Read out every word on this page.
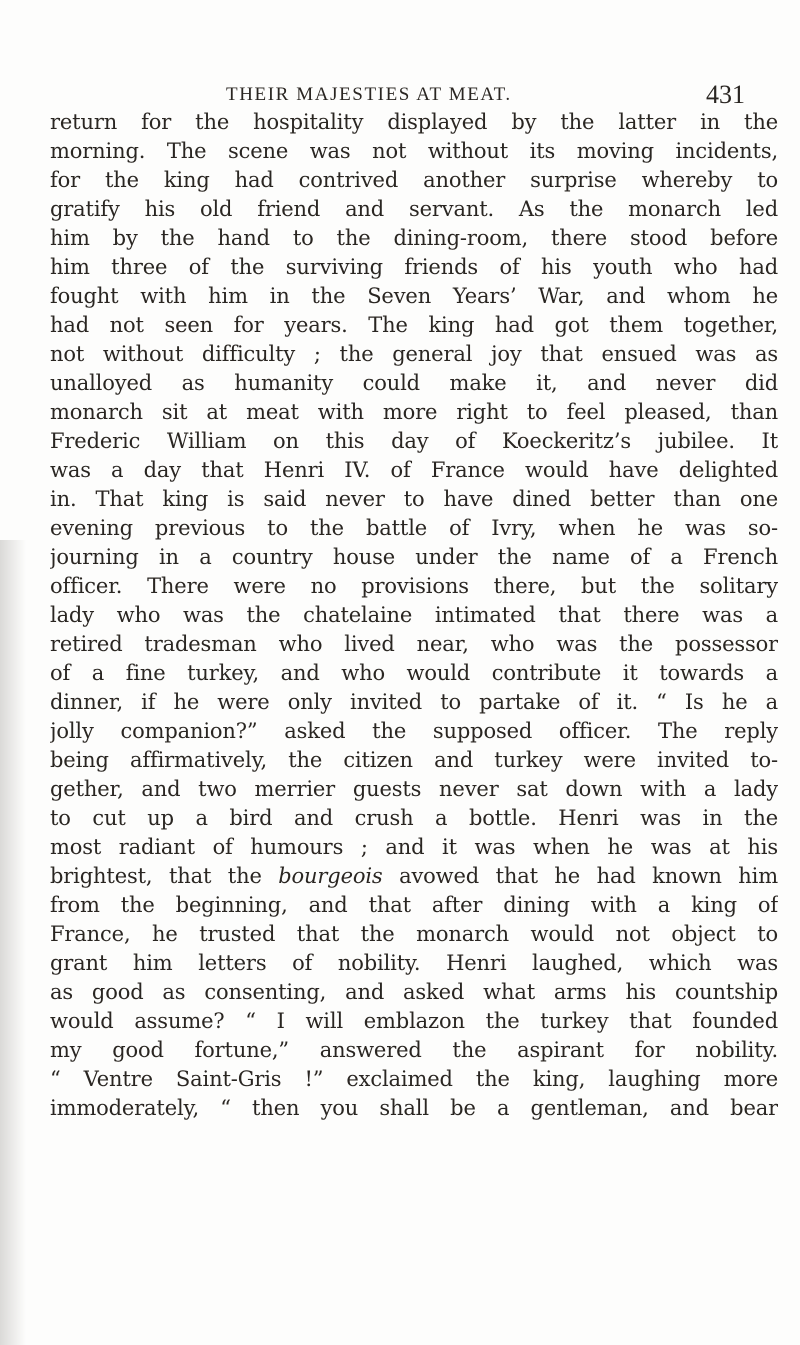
THEIR MAJESTIES AT MEAT.	431
return for the hospitality displayed by the latter in the
morning. The scene was not without its moving incidents,
for the king had contrived another surprise whereby to
gratify his old friend and servant. As the monarch led
him by the hand to the dining-room, there stood before
him three of the surviving friends of his youth who had
fought with him in the Seven Years’ War, and whom he
had not seen for years. The king had got them together,
not without difficulty ; the general joy that ensued was as
unalloyed as humanity could make it, and never did
monarch sit at meat with more right to feel pleased, than
Frederic William on this day of Koeckeritz’s jubilee. It
was a day that Henri IV. of France would have delighted
in. That king is said never to have dined better than one
evening previous to the battle of Ivry, when he was so-
journing in a country house under the name of a French
officer. There were no provisions there, but the solitary
lady who was the chatelaine intimated that there was a
retired tradesman who lived near, who was the possessor
of a fine turkey, and who would contribute it towards a
dinner, if he were only invited to partake of it. “ Is he a
jolly companion?” asked the supposed officer. The reply
being affirmatively, the citizen and turkey were invited to-
gether, and two merrier guests never sat down with a lady
to cut up a bird and crush a bottle. Henri was in the
most radiant of humours ; and it was when he was at his
brightest, that the bourgeois avowed that he had known him
from the beginning, and that after dining with a king of
France, he trusted that the monarch would not object to
grant him letters of nobility. Henri laughed, which was
as good as consenting, and asked what arms his countship
would assume? “ I will emblazon the turkey that founded
my good fortune,” answered the aspirant for nobility.
“ Ventre Saint-Gris !” exclaimed the king, laughing more
immoderately, “ then you shall be a gentleman, and bear
